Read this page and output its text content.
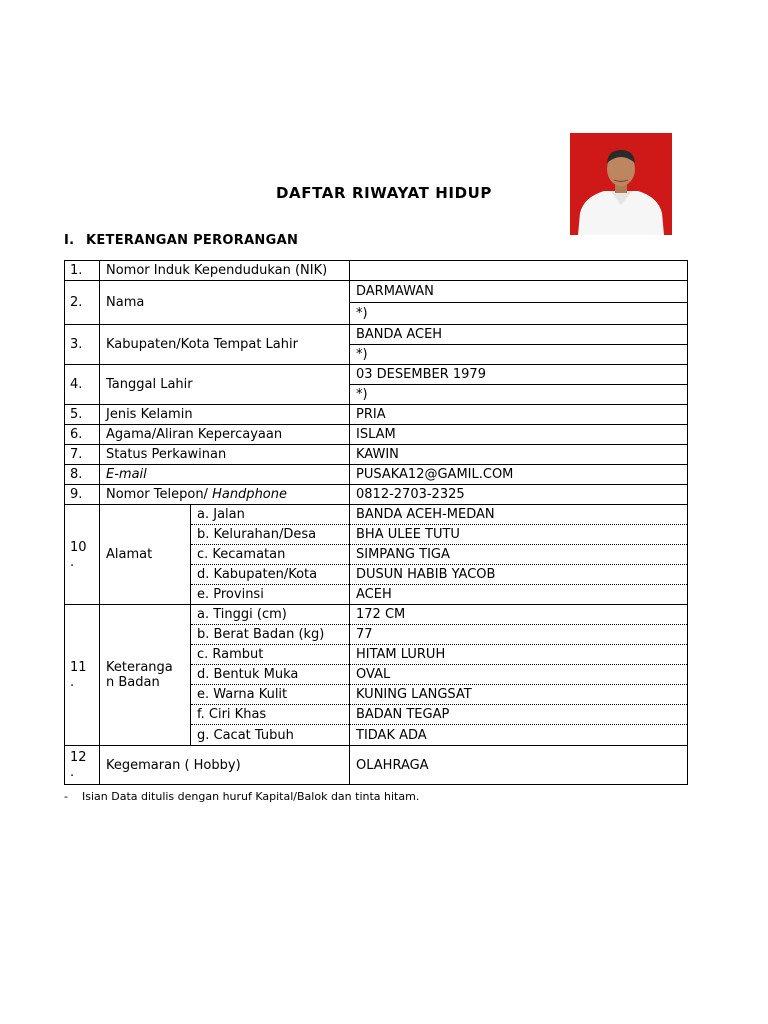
DAFTAR RIWAYAT HIDUP
I. KETERANGAN PERORANGAN
1.	Nomor Induk Kependudukan (NIK)		
2.	Nama		DARMAWAN
			*)
3.	Kabupaten/Kota Tempat Lahir		BANDA ACEH
			*)
4.	Tanggal Lahir		03 DESEMBER 1979
			*)
5.	Jenis Kelamin		PRIA
6.	Agama/Aliran Kepercayaan		ISLAM
7.	Status Perkawinan		KAWIN
8.	E-mail		PUSAKA12@GAMIL.COM
9.	Nomor Telepon/ Handphone		0812-2703-2325
10
.	Alamat	a. Jalan	BANDA ACEH-MEDAN
		b. Kelurahan/Desa	BHA ULEE TUTU
		c. Kecamatan	SIMPANG TIGA
		d. Kabupaten/Kota	DUSUN HABIB YACOB
		e. Provinsi	ACEH
11
.	Keteranga
n Badan	a. Tinggi (cm)	172 CM
		b. Berat Badan (kg)	77
		c. Rambut	HITAM LURUH
		d. Bentuk Muka	OVAL
		e. Warna Kulit	KUNING LANGSAT
		f. Ciri Khas	BADAN TEGAP
		g. Cacat Tubuh	TIDAK ADA
12
.	Kegemaran ( Hobby)		OLAHRAGA
- Isian Data ditulis dengan huruf Kapital/Balok dan tinta hitam.
